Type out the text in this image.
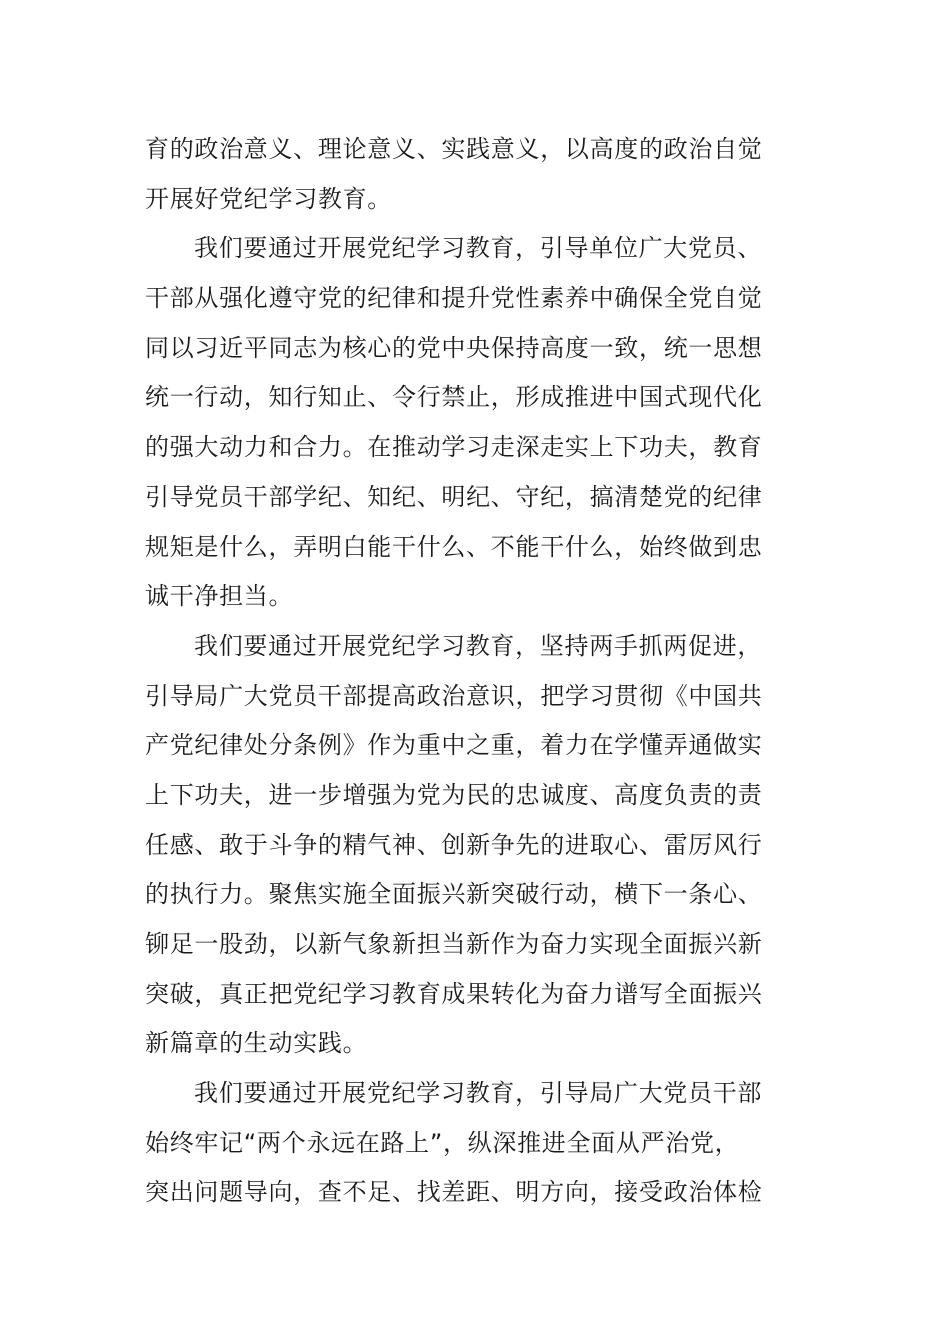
育的政治意义、理论意义、实践意义，以高度的政治自觉
开展好党纪学习教育。
我们要通过开展党纪学习教育，引导单位广大党员、
干部从强化遵守党的纪律和提升党性素养中确保全党自觉
同以习近平同志为核心的党中央保持高度一致，统一思想
统一行动，知行知止、令行禁止，形成推进中国式现代化
的强大动力和合力。在推动学习走深走实上下功夫，教育
引导党员干部学纪、知纪、明纪、守纪，搞清楚党的纪律
规矩是什么，弄明白能干什么、不能干什么，始终做到忠
诚干净担当。
我们要通过开展党纪学习教育，坚持两手抓两促进，
引导局广大党员干部提高政治意识，把学习贯彻《中国共
产党纪律处分条例》作为重中之重，着力在学懂弄通做实
上下功夫，进一步增强为党为民的忠诚度、高度负责的责
任感、敢于斗争的精气神、创新争先的进取心、雷厉风行
的执行力。聚焦实施全面振兴新突破行动，横下一条心、
铆足一股劲，以新气象新担当新作为奋力实现全面振兴新
突破，真正把党纪学习教育成果转化为奋力谱写全面振兴
新篇章的生动实践。
我们要通过开展党纪学习教育，引导局广大党员干部
始终牢记“两个永远在路上”，纵深推进全面从严治党，
突出问题导向，查不足、找差距、明方向，接受政治体检
